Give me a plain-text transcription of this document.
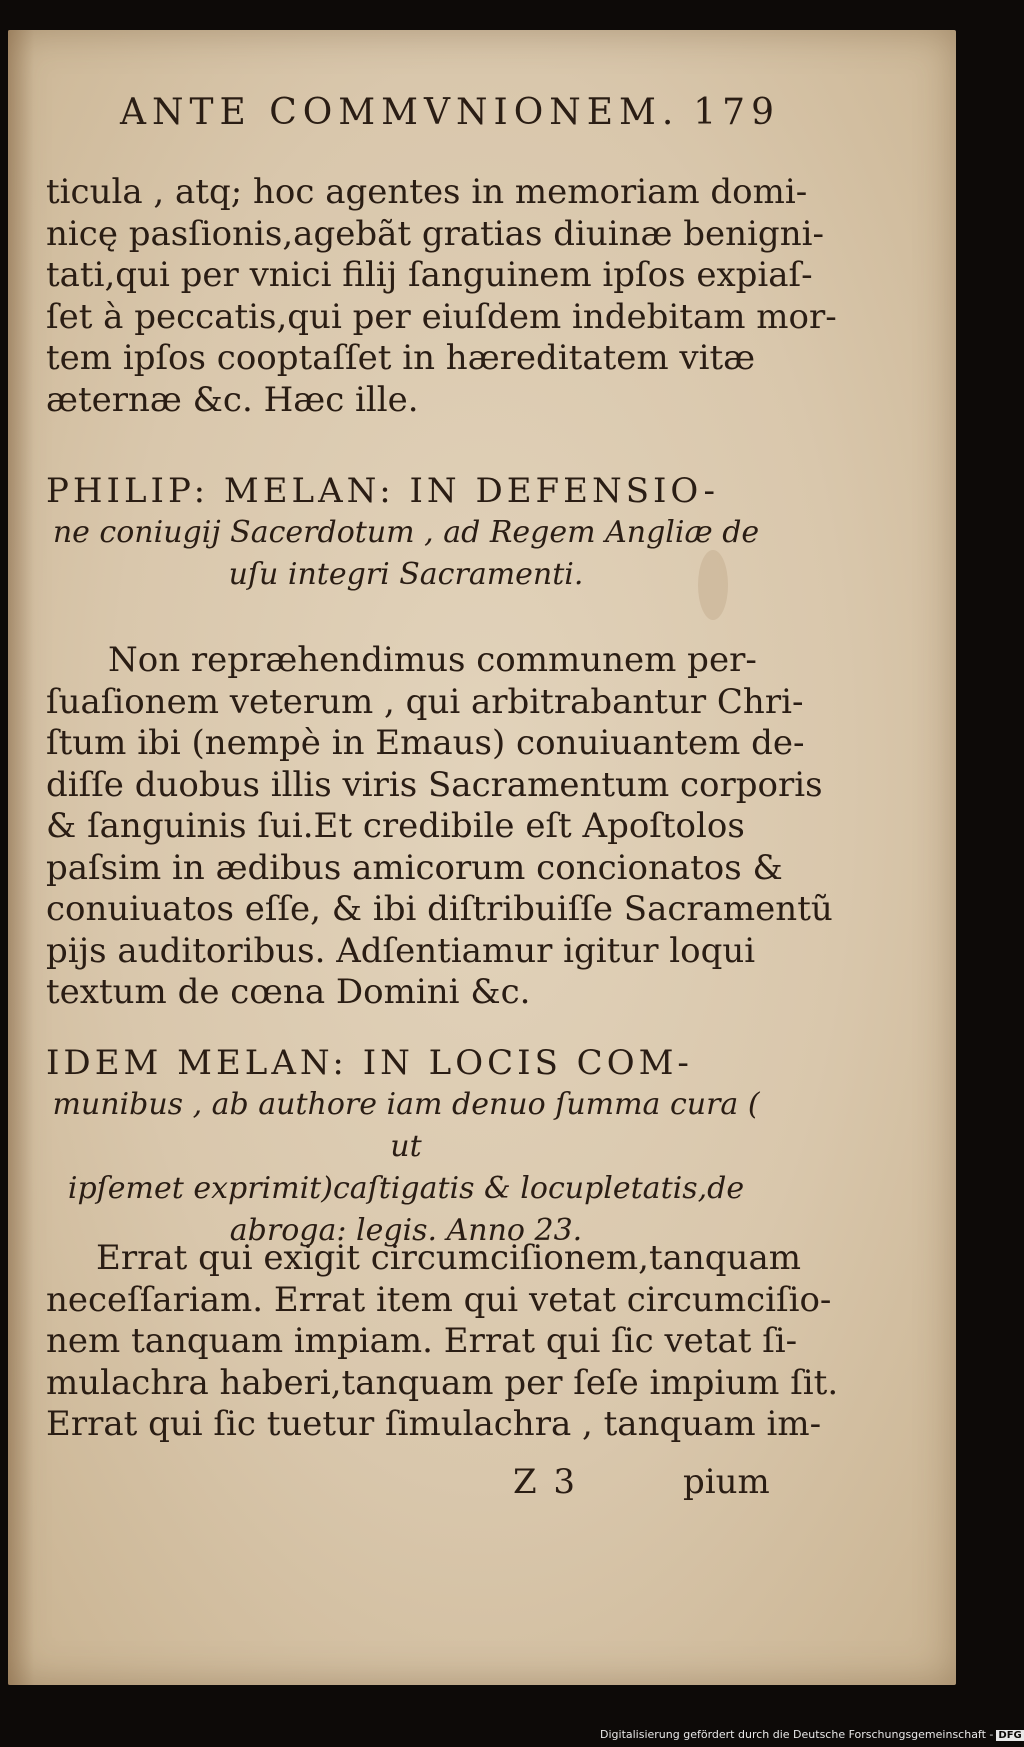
ANTE COMMVNIONEM. 179
ticula , atq; hoc agentes in memoriam domi-
nicę pasſionis,agebãt gratias diuinæ benigni-
tati,qui per vnici filij ſanguinem ipſos expiaſ-
ſet à peccatis,qui per eiuſdem indebitam mor-
tem ipſos cooptaſſet in hæreditatem vitæ
æternæ &c. Hæc ille.
PHILIP: MELAN: IN DEFENSIO-
ne coniugij Sacerdotum , ad Regem Angliæ de
uſu integri Sacramenti.
Non repræhendimus communem per-
ſuaſionem veterum , qui arbitrabantur Chri-
ſtum ibi (nempè in Emaus) conuiuantem de-
diſſe duobus illis viris Sacramentum corporis
& ſanguinis ſui.Et credibile eſt Apoſtolos
paſsim in ædibus amicorum concionatos &
conuiuatos eſſe, & ibi diſtribuiſſe Sacramentũ
pijs auditoribus. Adſentiamur igitur loqui
textum de cœna Domini &c.
IDEM MELAN: IN LOCIS COM-
munibus , ab authore iam denuo ſumma cura ( ut
ipſemet exprimit)caſtigatis & locupletatis,de
abroga: legis. Anno 23.
Errat qui exigit circumciſionem,tanquam
neceſſariam. Errat item qui vetat circumciſio-
nem tanquam impiam. Errat qui ſic vetat ſi-
mulachra haberi,tanquam per ſeſe impium ſit.
Errat qui ſic tuetur ſimulachra , tanquam im-
Z 3	pium
Digitalisierung gefördert durch die Deutsche Forschungsgemeinschaft - DFG
